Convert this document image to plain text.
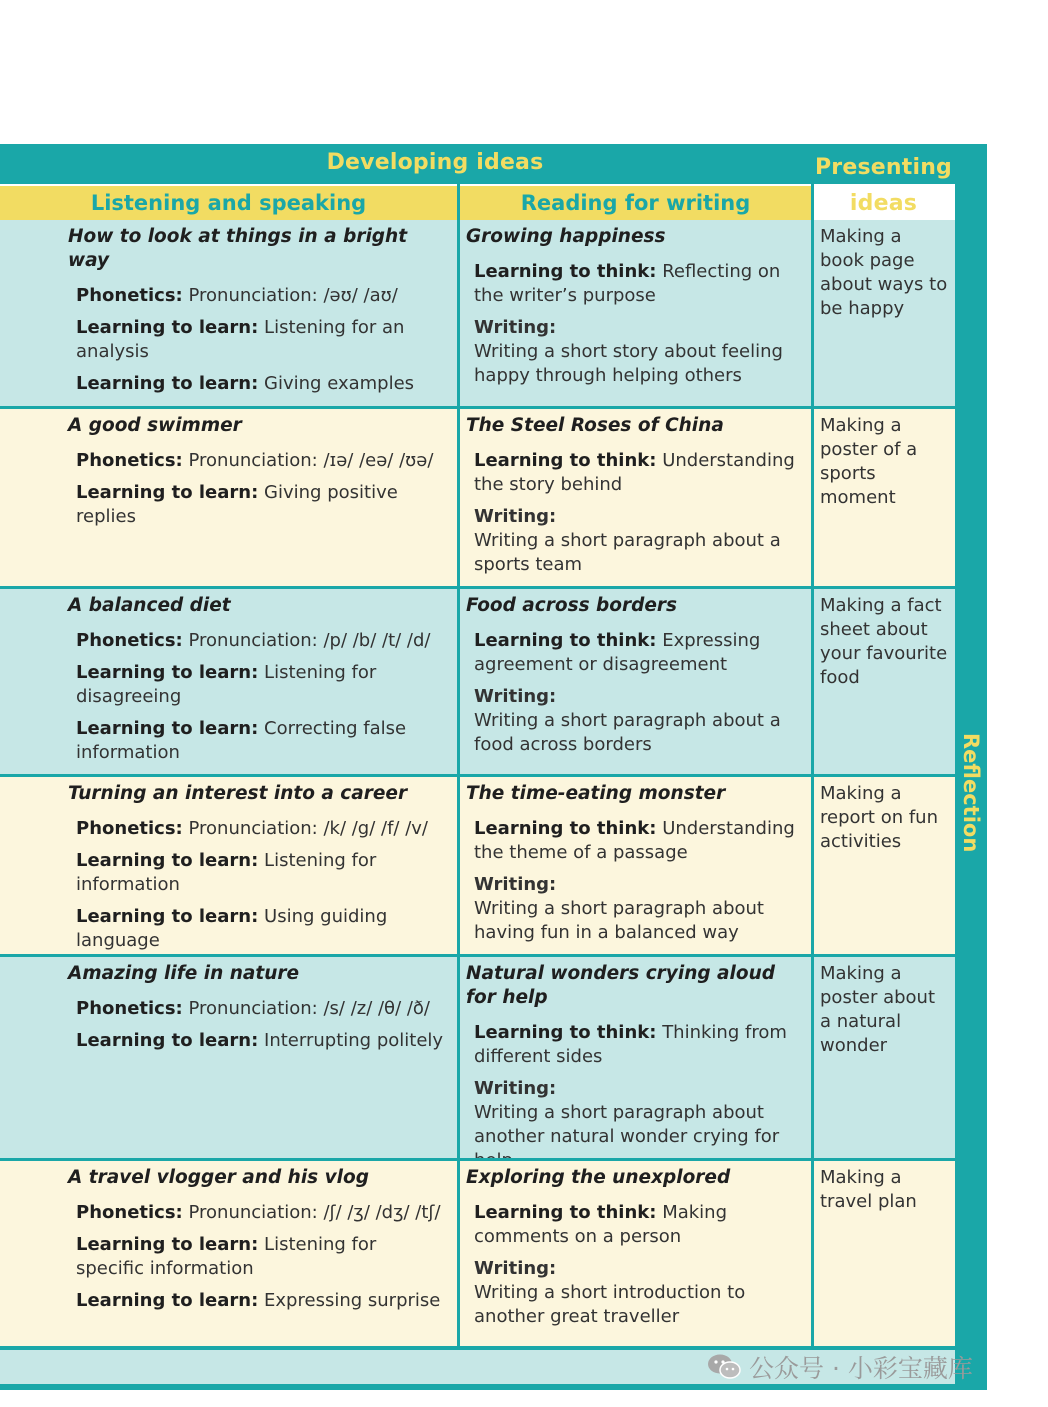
Developing ideas	Presenting ideas
Listening and speaking	Reading for writing
How to look at things in a bright way
Phonetics: Pronunciation: /əʊ/ /aʊ/
Learning to learn: Listening for an analysis
Learning to learn: Giving examples
Growing happiness
Learning to think: Reflecting on the writer’s purpose
Writing:
Writing a short story about feeling happy through helping others
Making a book page about ways to be happy
A good swimmer
Phonetics: Pronunciation: /ɪə/ /eə/ /ʊə/
Learning to learn: Giving positive replies
The Steel Roses of China
Learning to think: Understanding the story behind
Writing:
Writing a short paragraph about a sports team
Making a poster of a sports moment
A balanced diet
Phonetics: Pronunciation: /p/ /b/ /t/ /d/
Learning to learn: Listening for disagreeing
Learning to learn: Correcting false information
Food across borders
Learning to think: Expressing agreement or disagreement
Writing:
Writing a short paragraph about a food across borders
Making a fact sheet about your favourite food
Turning an interest into a career
Phonetics: Pronunciation: /k/ /g/ /f/ /v/
Learning to learn: Listening for information
Learning to learn: Using guiding language
The time-eating monster
Learning to think: Understanding the theme of a passage
Writing:
Writing a short paragraph about having fun in a balanced way
Making a report on fun activities
Amazing life in nature
Phonetics: Pronunciation: /s/ /z/ /θ/ /ð/
Learning to learn: Interrupting politely
Natural wonders crying aloud for help
Learning to think: Thinking from different sides
Writing:
Writing a short paragraph about another natural wonder crying for
Making a poster about a natural wonder
A travel vlogger and his vlog
Phonetics: Pronunciation: /ʃ/ /ʒ/ /dʒ/ /tʃ/
Learning to learn: Listening for specific information
Learning to learn: Expressing surprise
Exploring the unexplored
Learning to think: Making comments on a person
Writing:
Writing a short introduction to another great traveller
Making a travel plan
公众号 · 小彩宝藏库
